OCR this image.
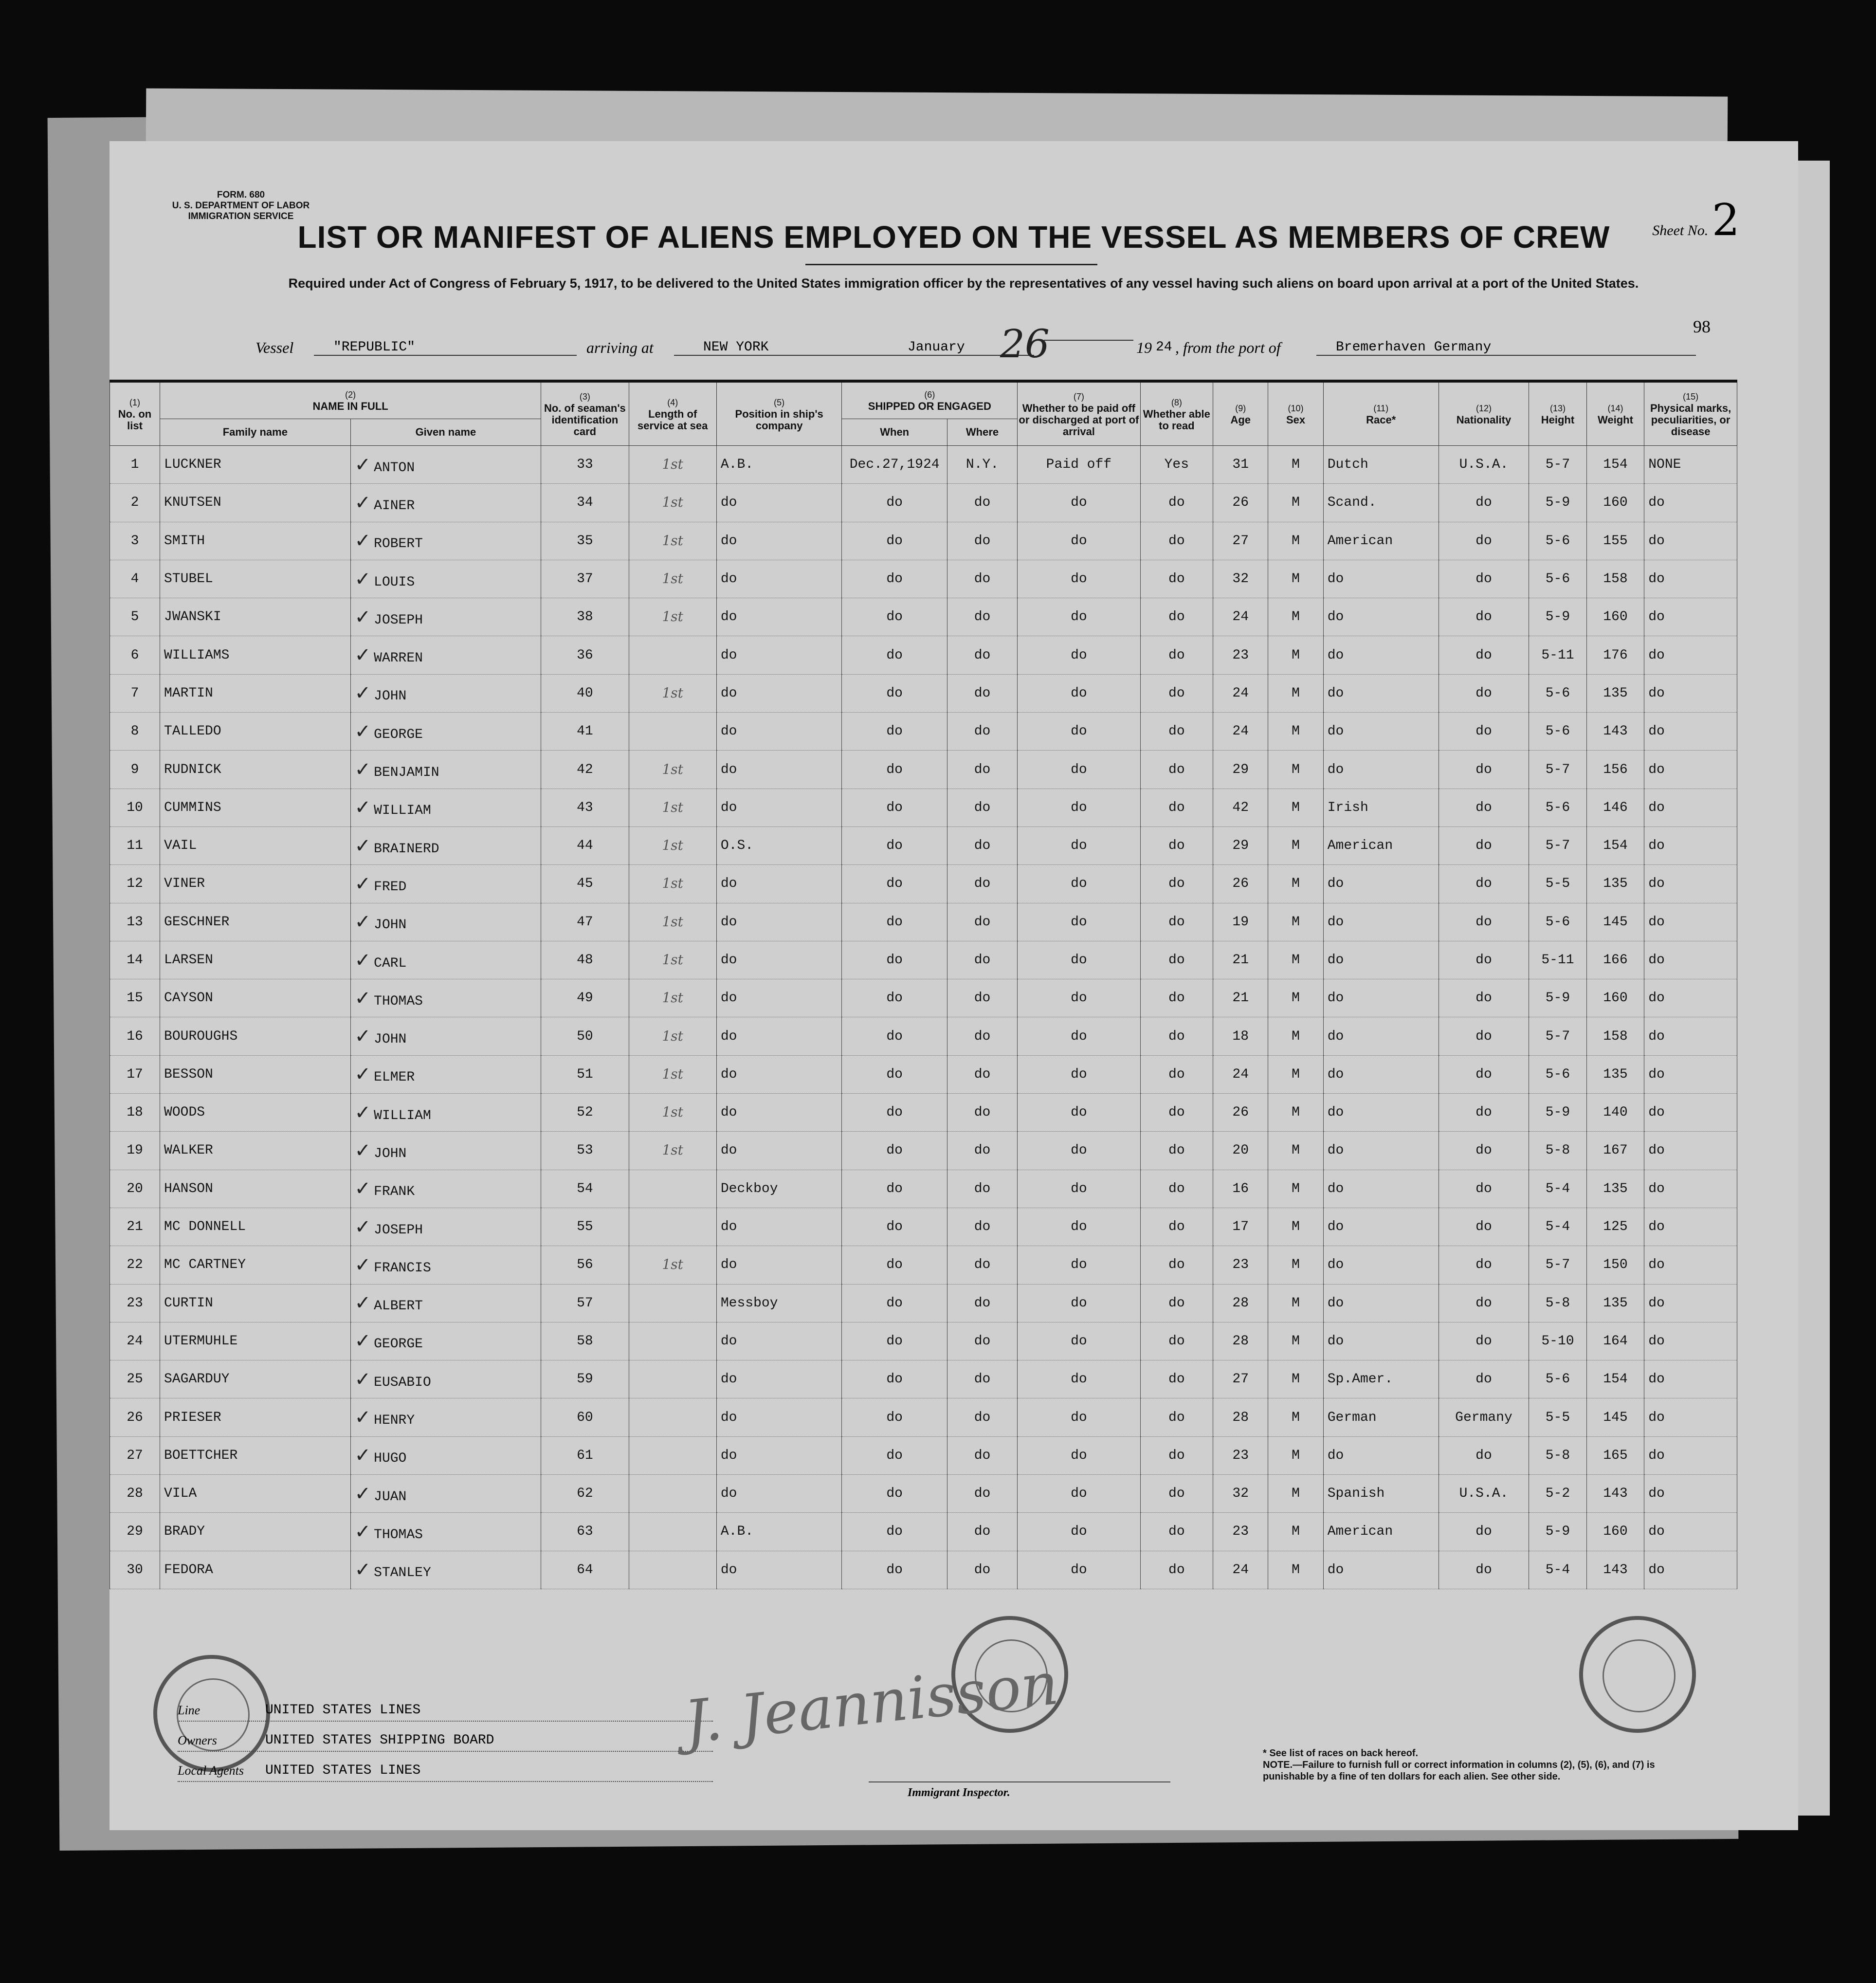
FORM. 680
U. S. DEPARTMENT OF LABOR
IMMIGRATION SERVICE
Sheet No. 2
LIST OR MANIFEST OF ALIENS EMPLOYED ON THE VESSEL AS MEMBERS OF CREW
Required under Act of Congress of February 5, 1917, to be delivered to the United States immigration officer by the representatives of any vessel having such aliens on board upon arrival at a port of the United States.
98
Vessel	"REPUBLIC"	arriving at	NEW YORK	January 26	19 24 , from the port of	Bremerhaven Germany
(1)
No. on list	(2)
NAME IN FULL		(3)
No. of seaman's identification card	(4)
Length of service at sea	(5)
Position in ship's company	(6)
SHIPPED OR ENGAGED		(7)
Whether to be paid off or discharged at port of arrival	(8)
Whether able to read	(9)
Age	(10)
Sex	(11)
Race*	(12)
Nationality	(13)
Height	(14)
Weight	(15)
Physical marks, peculiarities, or disease
	Family name	Given name				When	Where									
1	LUCKNER	✓ ANTON	33	1st	A.B.	Dec.27,1924	N.Y.	Paid off	Yes	31	M	Dutch	U.S.A.	5-7	154	NONE
2	KNUTSEN	✓ AINER	34	1st	do	do	do	do	do	26	M	Scand.	do	5-9	160	do
3	SMITH	✓ ROBERT	35	1st	do	do	do	do	do	27	M	American	do	5-6	155	do
4	STUBEL	✓ LOUIS	37	1st	do	do	do	do	do	32	M	do	do	5-6	158	do
5	JWANSKI	✓ JOSEPH	38	1st	do	do	do	do	do	24	M	do	do	5-9	160	do
6	WILLIAMS	✓ WARREN	36		do	do	do	do	do	23	M	do	do	5-11	176	do
7	MARTIN	✓ JOHN	40	1st	do	do	do	do	do	24	M	do	do	5-6	135	do
8	TALLEDO	✓ GEORGE	41		do	do	do	do	do	24	M	do	do	5-6	143	do
9	RUDNICK	✓ BENJAMIN	42	1st	do	do	do	do	do	29	M	do	do	5-7	156	do
10	CUMMINS	✓ WILLIAM	43	1st	do	do	do	do	do	42	M	Irish	do	5-6	146	do
11	VAIL	✓ BRAINERD	44	1st	O.S.	do	do	do	do	29	M	American	do	5-7	154	do
12	VINER	✓ FRED	45	1st	do	do	do	do	do	26	M	do	do	5-5	135	do
13	GESCHNER	✓ JOHN	47	1st	do	do	do	do	do	19	M	do	do	5-6	145	do
14	LARSEN	✓ CARL	48	1st	do	do	do	do	do	21	M	do	do	5-11	166	do
15	CAYSON	✓ THOMAS	49	1st	do	do	do	do	do	21	M	do	do	5-9	160	do
16	BOUROUGHS	✓ JOHN	50	1st	do	do	do	do	do	18	M	do	do	5-7	158	do
17	BESSON	✓ ELMER	51	1st	do	do	do	do	do	24	M	do	do	5-6	135	do
18	WOODS	✓ WILLIAM	52	1st	do	do	do	do	do	26	M	do	do	5-9	140	do
19	WALKER	✓ JOHN	53	1st	do	do	do	do	do	20	M	do	do	5-8	167	do
20	HANSON	✓ FRANK	54		Deckboy	do	do	do	do	16	M	do	do	5-4	135	do
21	MC DONNELL	✓ JOSEPH	55		do	do	do	do	do	17	M	do	do	5-4	125	do
22	MC CARTNEY	✓ FRANCIS	56	1st	do	do	do	do	do	23	M	do	do	5-7	150	do
23	CURTIN	✓ ALBERT	57		Messboy	do	do	do	do	28	M	do	do	5-8	135	do
24	UTERMUHLE	✓ GEORGE	58		do	do	do	do	do	28	M	do	do	5-10	164	do
25	SAGARDUY	✓ EUSABIO	59		do	do	do	do	do	27	M	Sp.Amer.	do	5-6	154	do
26	PRIESER	✓ HENRY	60		do	do	do	do	do	28	M	German	Germany	5-5	145	do
27	BOETTCHER	✓ HUGO	61		do	do	do	do	do	23	M	do	do	5-8	165	do
28	VILA	✓ JUAN	62		do	do	do	do	do	32	M	Spanish	U.S.A.	5-2	143	do
29	BRADY	✓ THOMAS	63		A.B.	do	do	do	do	23	M	American	do	5-9	160	do
30	FEDORA	✓ STANLEY	64		do	do	do	do	do	24	M	do	do	5-4	143	do
Line	UNITED STATES LINES
Owners	UNITED STATES SHIPPING BOARD
Local Agents UNITED STATES LINES
J. Jeannisson
Immigrant Inspector.
* See list of races on back hereof.
NOTE.—Failure to furnish full or correct information in columns (2), (5), (6), and (7) is punishable by a fine of ten dollars for each alien. See other side.
